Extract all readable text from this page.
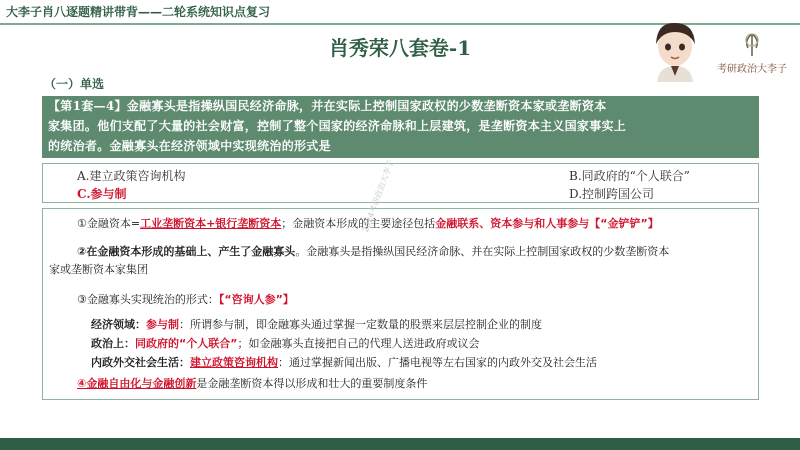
大李子肖八逐题精讲带背——二轮系统知识点复习
肖秀荣八套卷-1
考研政治大李子
（一）单选
【第1套—4】金融寡头是指操纵国民经济命脉，并在实际上控制国家政权的少数垄断资本家或垄断资本
家集团。他们支配了大量的社会财富，控制了整个国家的经济命脉和上层建筑，是垄断资本主义国家事实上
的统治者。金融寡头在经济领域中实现统治的形式是
A.建立政策咨询机构	B.同政府的“个人联合”
C.参与制	D.控制跨国公司
①金融资本=工业垄断资本+银行垄断资本；金融资本形成的主要途径包括金融联系、资本参与和人事参与【“金铲铲”】
②在金融资本形成的基础上、产生了金融寡头。金融寡头是指操纵国民经济命脉、并在实际上控制国家政权的少数垄断资本
家或垄断资本家集团
③金融寡头实现统治的形式：【“咨询人参”】
经济领域：参与制：所谓参与制，即金融寡头通过掌握一定数量的股票来层层控制企业的制度
政治上：同政府的“个人联合”；如金融寡头直接把自己的代理人送进政府或议会
内政外交社会生活：建立政策咨询机构：通过掌握新闻出版、广播电视等左右国家的内政外交及社会生活
④金融自由化与金融创新是金融垄断资本得以形成和壮大的重要制度条件
2024考研政治大李子
